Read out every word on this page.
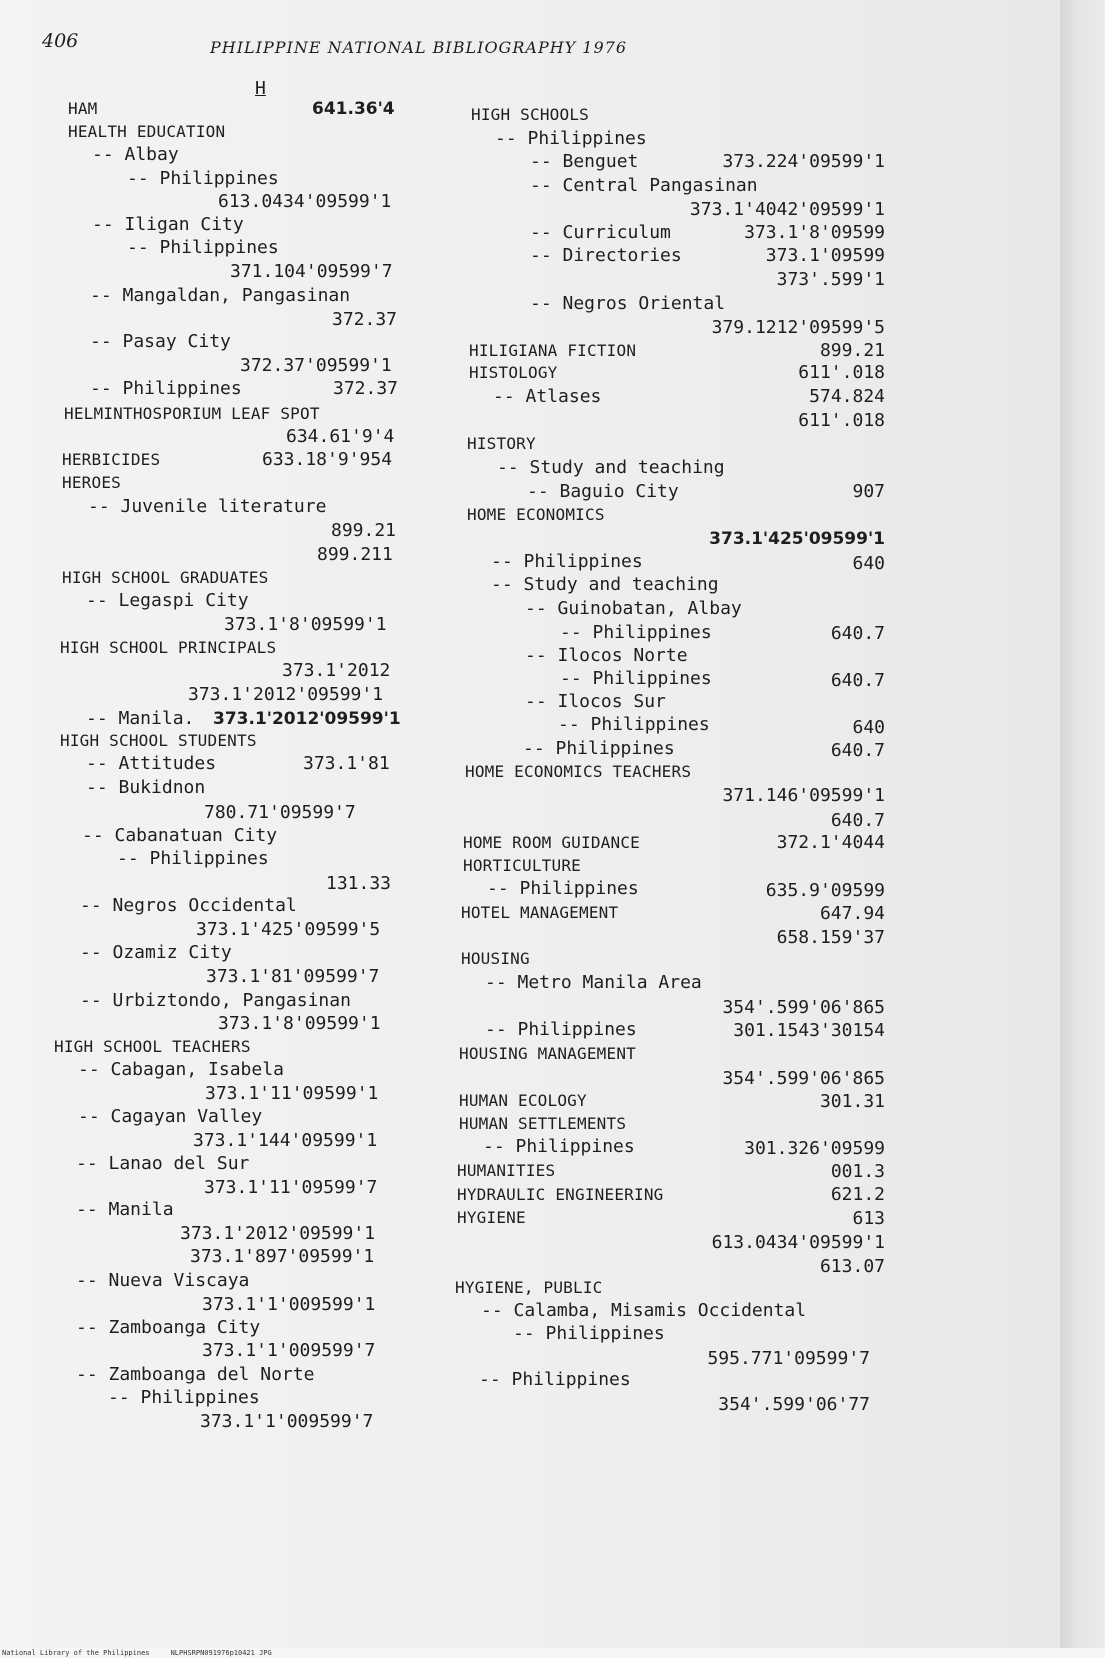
406	PHILIPPINE NATIONAL BIBLIOGRAPHY 1976
H
HAM	641.36'4
HEALTH EDUCATION
-- Albay
-- Philippines
613.0434'09599'1
-- Iligan City
-- Philippines
371.104'09599'7
-- Mangaldan, Pangasinan
372.37
-- Pasay City
372.37'09599'1
-- Philippines	372.37
HELMINTHOSPORIUM LEAF SPOT
634.61'9'4
HERBICIDES	633.18'9'954
HEROES
-- Juvenile literature
899.21
899.211
HIGH SCHOOL GRADUATES
-- Legaspi City
373.1'8'09599'1
HIGH SCHOOL PRINCIPALS
373.1'2012
373.1'2012'09599'1
-- Manila. 373.1'2012'09599'1
HIGH SCHOOL STUDENTS
-- Attitudes	373.1'81
-- Bukidnon
780.71'09599'7
-- Cabanatuan City
-- Philippines
131.33
-- Negros Occidental
373.1'425'09599'5
-- Ozamiz City
373.1'81'09599'7
-- Urbiztondo, Pangasinan
373.1'8'09599'1
HIGH SCHOOL TEACHERS
-- Cabagan, Isabela
373.1'11'09599'1
-- Cagayan Valley
373.1'144'09599'1
-- Lanao del Sur
373.1'11'09599'7
-- Manila
373.1'2012'09599'1
373.1'897'09599'1
-- Nueva Viscaya
373.1'1'009599'1
-- Zamboanga City
373.1'1'009599'7
-- Zamboanga del Norte
-- Philippines
373.1'1'009599'7
HIGH SCHOOLS
-- Philippines
-- Benguet	373.224'09599'1
-- Central Pangasinan
373.1'4042'09599'1
-- Curriculum	373.1'8'09599
-- Directories	373.1'09599
373'.599'1
-- Negros Oriental
379.1212'09599'5
HILIGIANA FICTION	899.21
HISTOLOGY	611'.018
-- Atlases	574.824
611'.018
HISTORY
-- Study and teaching
-- Baguio City	907
HOME ECONOMICS
373.1'425'09599'1
-- Philippines	640
-- Study and teaching
-- Guinobatan, Albay
-- Philippines	640.7
-- Ilocos Norte
-- Philippines	640.7
-- Ilocos Sur
-- Philippines	640
-- Philippines	640.7
HOME ECONOMICS TEACHERS
371.146'09599'1
640.7
HOME ROOM GUIDANCE	372.1'4044
HORTICULTURE
-- Philippines	635.9'09599
HOTEL MANAGEMENT	647.94
658.159'37
HOUSING
-- Metro Manila Area
354'.599'06'865
-- Philippines	301.1543'30154
HOUSING MANAGEMENT
354'.599'06'865
HUMAN ECOLOGY	301.31
HUMAN SETTLEMENTS
-- Philippines	301.326'09599
HUMANITIES	001.3
HYDRAULIC ENGINEERING	621.2
HYGIENE	613
613.0434'09599'1
613.07
HYGIENE, PUBLIC
-- Calamba, Misamis Occidental
-- Philippines
595.771'09599'7
-- Philippines
354'.599'06'77
National Library of the Philippines     NLPHSRPN091976p10421 JPG
